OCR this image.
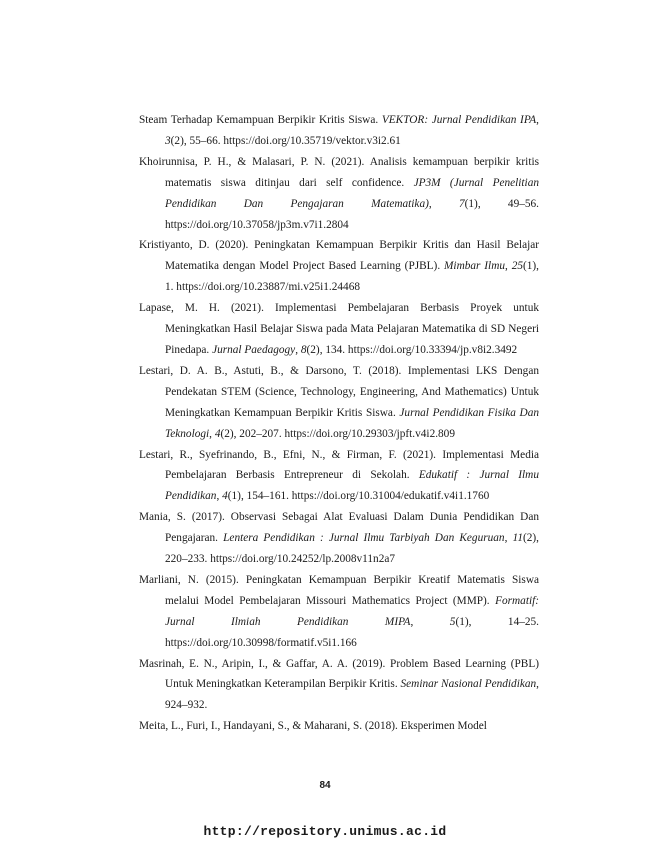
Steam Terhadap Kemampuan Berpikir Kritis Siswa. VEKTOR: Jurnal Pendidikan IPA, 3(2), 55–66. https://doi.org/10.35719/vektor.v3i2.61

Khoirunnisa, P. H., & Malasari, P. N. (2021). Analisis kemampuan berpikir kritis matematis siswa ditinjau dari self confidence. JP3M (Jurnal Penelitian Pendidikan Dan Pengajaran Matematika), 7(1), 49–56. https://doi.org/10.37058/jp3m.v7i1.2804

Kristiyanto, D. (2020). Peningkatan Kemampuan Berpikir Kritis dan Hasil Belajar Matematika dengan Model Project Based Learning (PJBL). Mimbar Ilmu, 25(1), 1. https://doi.org/10.23887/mi.v25i1.24468

Lapase, M. H. (2021). Implementasi Pembelajaran Berbasis Proyek untuk Meningkatkan Hasil Belajar Siswa pada Mata Pelajaran Matematika di SD Negeri Pinedapa. Jurnal Paedagogy, 8(2), 134. https://doi.org/10.33394/jp.v8i2.3492

Lestari, D. A. B., Astuti, B., & Darsono, T. (2018). Implementasi LKS Dengan Pendekatan STEM (Science, Technology, Engineering, And Mathematics) Untuk Meningkatkan Kemampuan Berpikir Kritis Siswa. Jurnal Pendidikan Fisika Dan Teknologi, 4(2), 202–207. https://doi.org/10.29303/jpft.v4i2.809

Lestari, R., Syefrinando, B., Efni, N., & Firman, F. (2021). Implementasi Media Pembelajaran Berbasis Entrepreneur di Sekolah. Edukatif : Jurnal Ilmu Pendidikan, 4(1), 154–161. https://doi.org/10.31004/edukatif.v4i1.1760

Mania, S. (2017). Observasi Sebagai Alat Evaluasi Dalam Dunia Pendidikan Dan Pengajaran. Lentera Pendidikan : Jurnal Ilmu Tarbiyah Dan Keguruan, 11(2), 220–233. https://doi.org/10.24252/lp.2008v11n2a7

Marliani, N. (2015). Peningkatan Kemampuan Berpikir Kreatif Matematis Siswa melalui Model Pembelajaran Missouri Mathematics Project (MMP). Formatif: Jurnal Ilmiah Pendidikan MIPA, 5(1), 14–25. https://doi.org/10.30998/formatif.v5i1.166

Masrinah, E. N., Aripin, I., & Gaffar, A. A. (2019). Problem Based Learning (PBL) Untuk Meningkatkan Keterampilan Berpikir Kritis. Seminar Nasional Pendidikan, 924–932.

Meita, L., Furi, I., Handayani, S., & Maharani, S. (2018). Eksperimen Model

84
http://repository.unimus.ac.id
